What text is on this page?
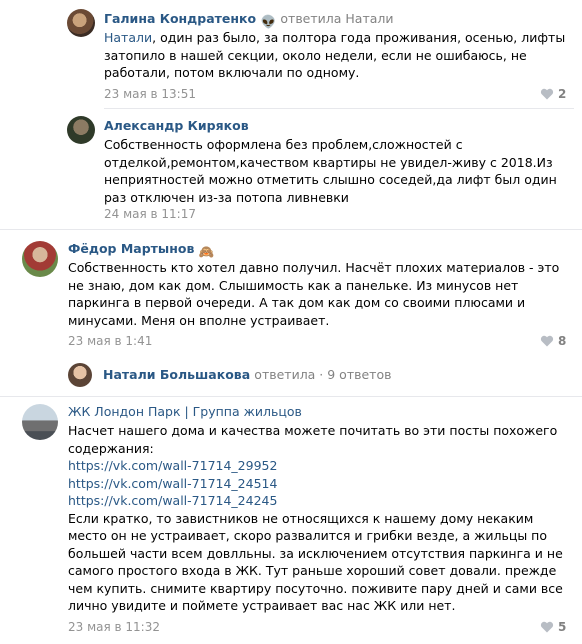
Галина Кондратенко 👽 ответила Натали
Натали, один раз было, за полтора года проживания, осенью, лифты
затопило в нашей секции, около недели, если не ошибаюсь, не
работали, потом включали по одному.
23 мая в 13:51	2
Александр Киряков
Собственность оформлена без проблем,сложностей с
отделкой,ремонтом,качеством квартиры не увидел-живу с 2018.Из
неприятностей можно отметить слышно соседей,да лифт был один
раз отключен из-за потопа ливневки
24 мая в 11:17
Фёдор Мартынов 🙈
Собственность кто хотел давно получил. Насчёт плохих материалов - это
не знаю, дом как дом. Слышимость как а панельке. Из минусов нет
паркинга в первой очереди. А так дом как дом со своими плюсами и
минусами. Меня он вполне устраивает.
23 мая в 1:41	8
Натали Большакова ответила · 9 ответов
ЖК Лондон Парк | Группа жильцов
Насчет нашего дома и качества можете почитать во эти посты похожего
содержания:
https://vk.com/wall-71714_29952
https://vk.com/wall-71714_24514
https://vk.com/wall-71714_24245
Если кратко, то завистников не относящихся к нашему дому некаким
место он не устраивает, скоро развалится и грибки везде, а жильцы по
большей части всем довлльны. за исключением отсутствия паркинга и не
самого простого входа в ЖК. Тут раньше хороший совет довали. прежде
чем купить. снимите квартиру посуточно. поживите пару дней и сами все
лично увидите и поймете устраивает вас нас ЖК или нет.
23 мая в 11:32	5
